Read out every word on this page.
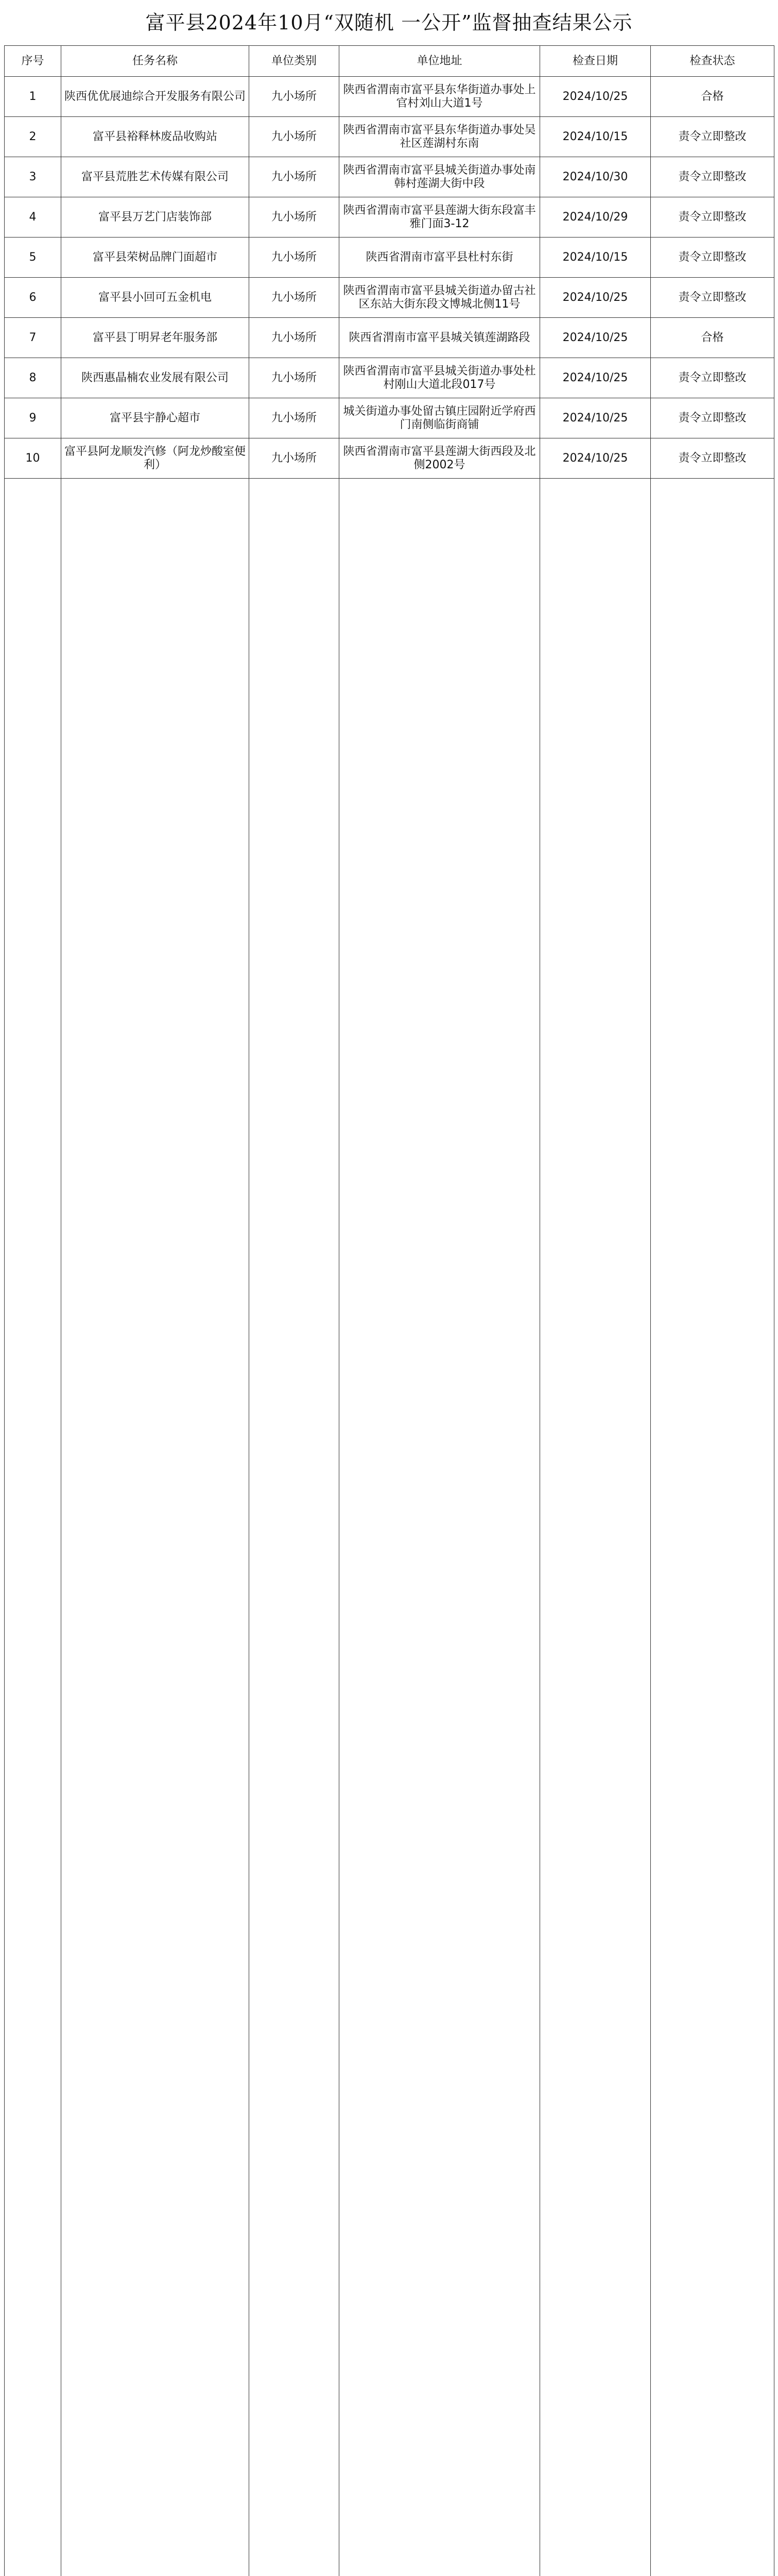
富平县2024年10月“双随机 一公开”监督抽查结果公示
序号	任务名称	单位类别	单位地址	检查日期	检查状态
1	陕西优优展迪综合开发服务有限公司	九小场所	陕西省渭南市富平县东华街道办事处上官村刘山大道1号	2024/10/25	合格
2	富平县裕释林废品收购站	九小场所	陕西省渭南市富平县东华街道办事处吴社区莲湖村东南	2024/10/15	责令立即整改
3	富平县荒胜艺术传媒有限公司	九小场所	陕西省渭南市富平县城关街道办事处南韩村莲湖大街中段	2024/10/30	责令立即整改
4	富平县万艺门店装饰部	九小场所	陕西省渭南市富平县莲湖大街东段富丰雅门面3-12	2024/10/29	责令立即整改
5	富平县荣树品牌门面超市	九小场所	陕西省渭南市富平县杜村东街	2024/10/15	责令立即整改
6	富平县小回可五金机电	九小场所	陕西省渭南市富平县城关街道办留古社区东站大街东段文博城北侧11号	2024/10/25	责令立即整改
7	富平县丁明昇老年服务部	九小场所	陕西省渭南市富平县城关镇莲湖路段	2024/10/25	合格
8	陕西惠晶楠农业发展有限公司	九小场所	陕西省渭南市富平县城关街道办事处杜村刚山大道北段017号	2024/10/25	责令立即整改
9	富平县宇静心超市	九小场所	城关街道办事处留古镇庄园附近学府西门南侧临街商铺	2024/10/25	责令立即整改
10	富平县阿龙顺发汽修（阿龙炒酸室便利）	九小场所	陕西省渭南市富平县莲湖大街西段及北侧2002号	2024/10/25	责令立即整改
